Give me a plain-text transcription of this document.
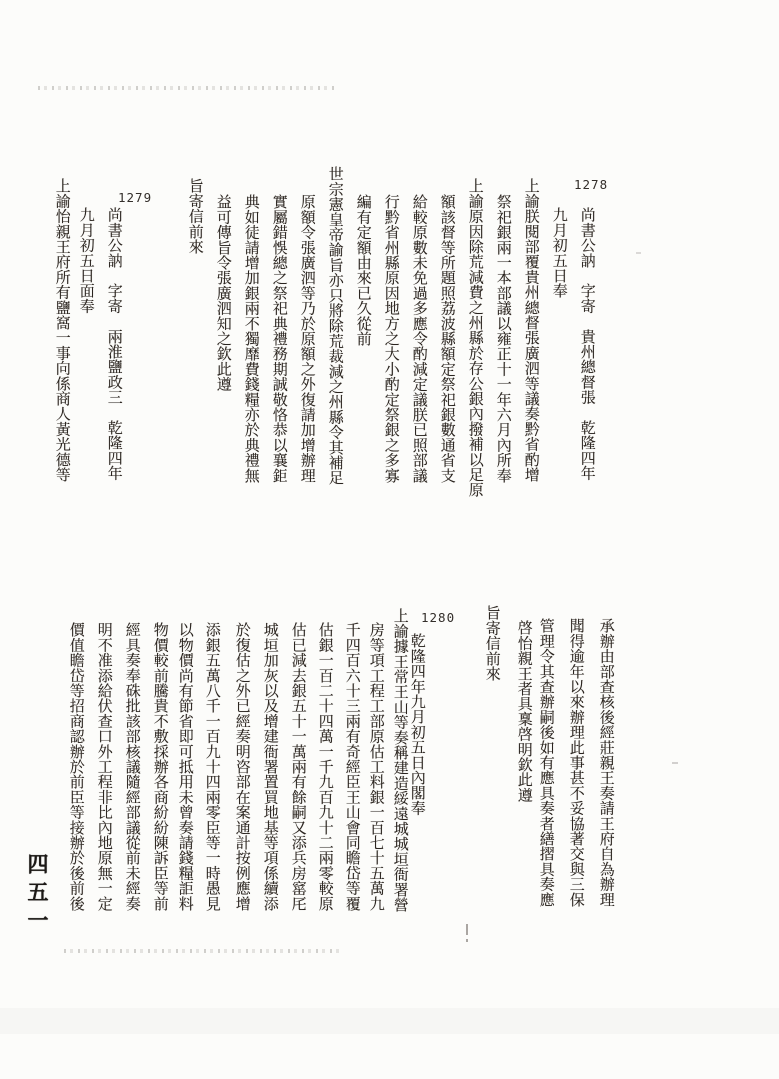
1278
尚書公訥　字寄　貴州總督張　乾隆四年
九月初五日奉
上諭朕閱部覆貴州總督張廣泗等議奏黔省酌增
祭祀銀兩一本部議以雍正十一年六月內所奉
上諭原因除荒減費之州縣於存公銀內撥補以足原
額該督等所題照荔波縣額定祭祀銀數通省支
給較原數未免過多應令酌減定議朕已照部議
行黔省州縣原因地方之大小酌定祭銀之多寡
編有定額由來已久從前
世宗憲皇帝諭旨亦只將除荒裁減之州縣令其補足
原額令張廣泗等乃於原額之外復請加增辦理
實屬錯悞總之祭祀典禮務期誠敬恪恭以襄鉅
典如徒請增加銀兩不獨靡費錢糧亦於典禮無
益可傳旨令張廣泗知之欽此遵
旨寄信前來
1279
尚書公訥　字寄　兩淮鹽政三　乾隆四年
九月初五日面奉
上諭怡親王府所有鹽窩一事向係商人黃光德等
承辦由部查核後經莊親王奏請王府自為辦理
聞得逾年以來辦理此事甚不妥協著交與三保
管理令其查辦嗣後如有應具奏者繕摺具奏應
啓怡親王者具稟啓明欽此遵
旨寄信前來
1280
乾隆四年九月初五日內閣奉
上諭據王常王山等奏稱建造綏遠城城垣衙署營
房等項工程工部原估工料銀一百七十五萬九
千四百六十三兩有奇經臣王山會同瞻岱等覆
估銀一百二十四萬一千九百九十二兩零較原
估已減去銀五十一萬兩有餘嗣又添兵房窰厇
城垣加灰以及增建衙署置買地基等項係續添
於復估之外已經奏明咨部在案通計按例應增
添銀五萬八千一百九十四兩零臣等一時愚見
以物價尚有節省即可抵用未曾奏請錢糧詎料
物價較前騰貴不敷採辦各商紛紛陳訴臣等前
經具奏奉硃批該部核議隨經部議從前未經奏
明不准添給伏查口外工程非比內地原無一定
價值瞻岱等招商認辦於前臣等接辦於後前後
四五一
